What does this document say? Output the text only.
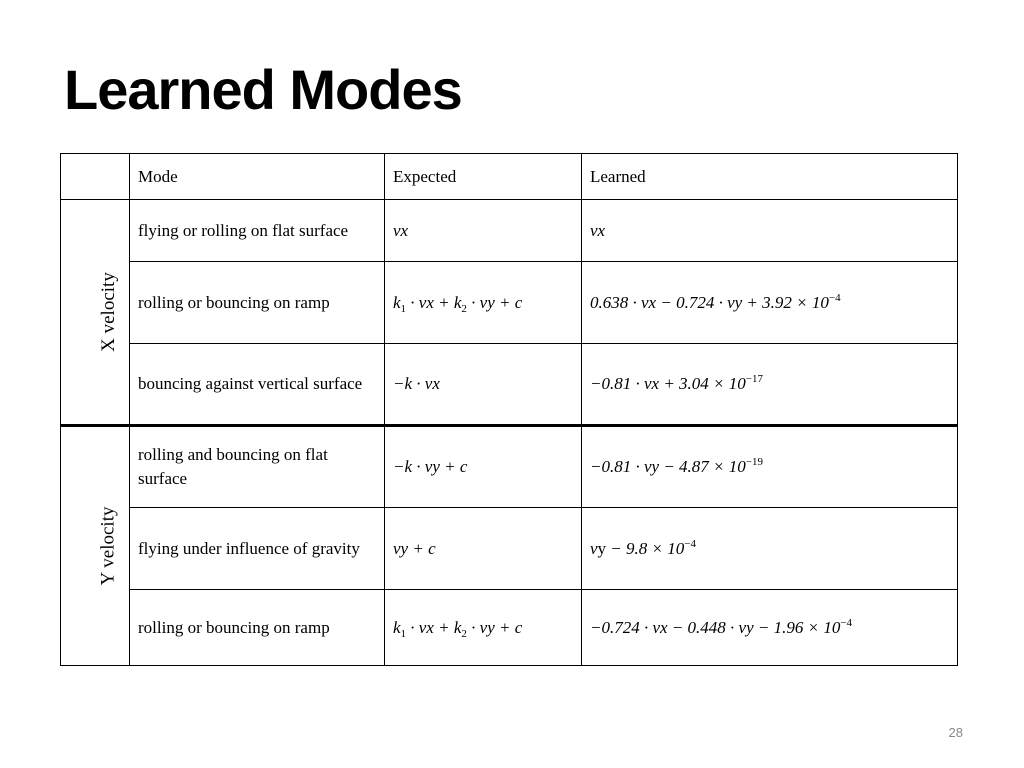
Learned Modes
	Mode	Expected	Learned
X velocity	flying or rolling on flat surface	vx	vx
	rolling or bouncing on ramp	$k_1$ · vx + $k_2$ · vy + c	0.638 · vx − 0.724 · vy + $3.92 \times 10^{-4}$
	bouncing against vertical surface	−k · vx	−0.81 · vx + $3.04 \times 10^{-17}$
Y velocity	rolling and bouncing on flat surface	−k · vy + c	−0.81 · vy − $4.87 \times 10^{-19}$
	flying under influence of gravity	vy + c	vy − $9.8 \times 10^{-4}$
	rolling or bouncing on ramp	$k_1$ · vx + $k_2$ · vy + c	−0.724 · vx − 0.448 · vy − $1.96 \times 10^{-4}$
28
